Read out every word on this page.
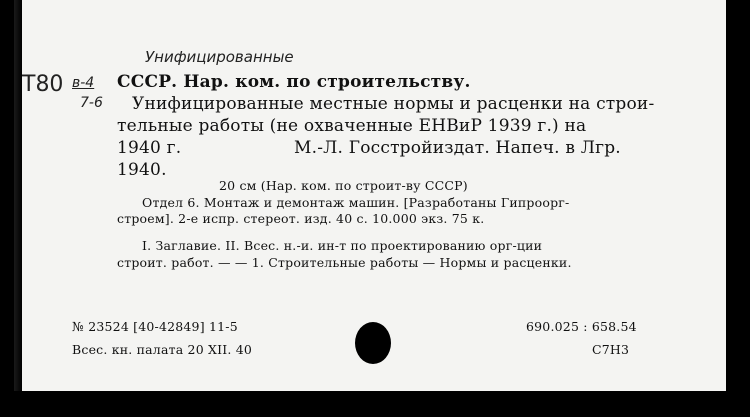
Унифицированные
Т80 в-4
7-6
СССР. Нар. ком. по строительству.
Унифицированные местные нормы и расценки на строи-
тельные работы (не охваченные ЕНВиР 1939 г.) на
1940 г.	М.-Л. Госстройиздат. Напеч. в Лгр.
1940.
20 см (Нар. ком. по строит-ву СССР)
Отдел 6. Монтаж и демонтаж машин. [Разработаны Гипроорг-
строем]. 2-е испр. стереот. изд. 40 с. 10.000 экз. 75 к.
I. Заглавие. II. Всес. н.-и. ин-т по проектированию орг-ции
строит. работ. — — 1. Строительные работы — Нормы и расценки.
№ 23524 [40-42849] 11-5
Всес. кн. палата 20 XII. 40
690.025 : 658.54
С7Н3
